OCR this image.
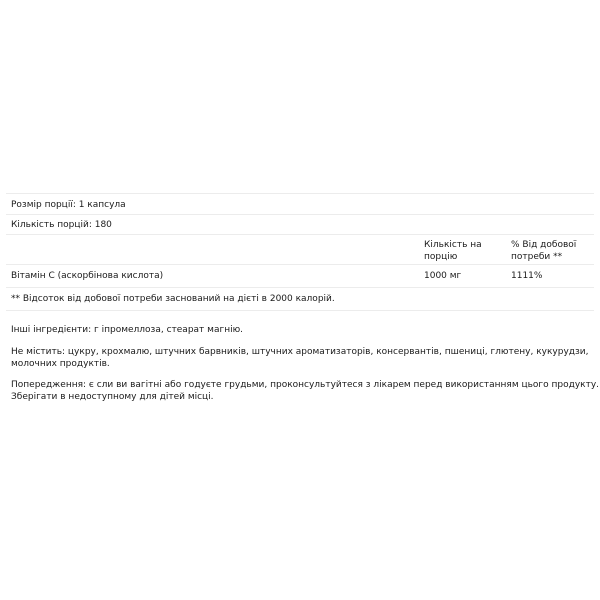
Розмір порції: 1 капсула
Кількість порцій: 180
Кількість на
порцію
% Від добової
потреби **
Вітамін C (аскорбінова кислота)	1000 мг	1111%
** Відсоток від добової потреби заснований на дієті в 2000 калорій.
Інші інгредієнти: г іпромеллоза, стеарат магнію.
Не містить: цукру, крохмалю, штучних барвників, штучних ароматизаторів, консервантів, пшениці, глютену, кукурудзи,
молочних продуктів.
Попередження: є сли ви вагітні або годуєте грудьми, проконсультуйтеся з лікарем перед використанням цього продукту.
Зберігати в недоступному для дітей місці.
